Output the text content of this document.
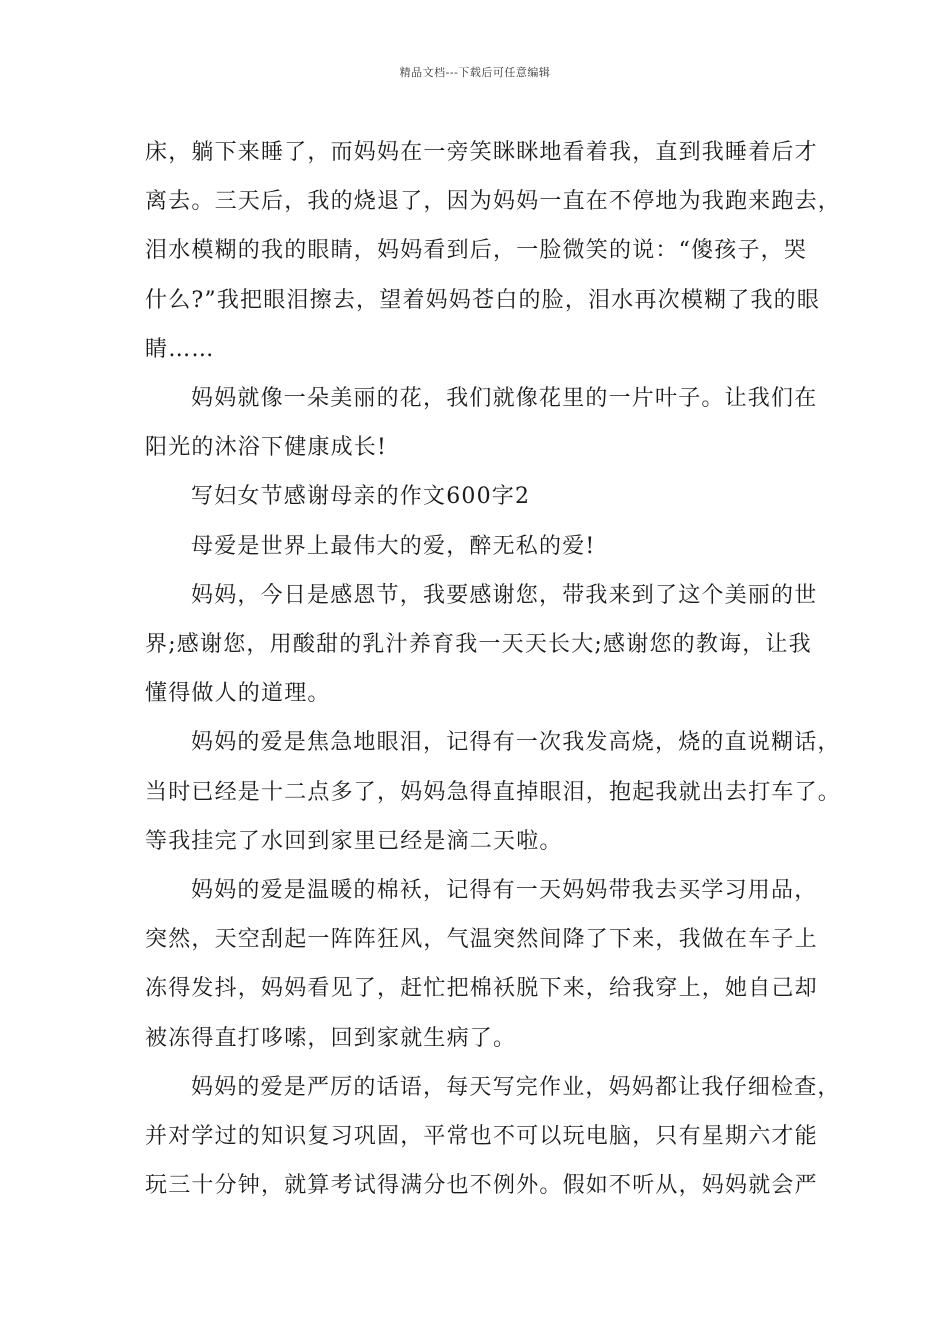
精品文档---下载后可任意编辑

床，躺下来睡了，而妈妈在一旁笑眯眯地看着我，直到我睡着后才
离去。三天后，我的烧退了，因为妈妈一直在不停地为我跑来跑去，
泪水模糊的我的眼睛，妈妈看到后，一脸微笑的说：“傻孩子，哭
什么?”我把眼泪擦去，望着妈妈苍白的脸，泪水再次模糊了我的眼
睛……

妈妈就像一朵美丽的花，我们就像花里的一片叶子。让我们在
阳光的沐浴下健康成长!

写妇女节感谢母亲的作文600字2

母爱是世界上最伟大的爱，醉无私的爱!

妈妈，今日是感恩节，我要感谢您，带我来到了这个美丽的世
界;感谢您，用酸甜的乳汁养育我一天天长大;感谢您的教诲，让我
懂得做人的道理。

妈妈的爱是焦急地眼泪，记得有一次我发高烧，烧的直说糊话，
当时已经是十二点多了，妈妈急得直掉眼泪，抱起我就出去打车了。
等我挂完了水回到家里已经是滴二天啦。

妈妈的爱是温暖的棉袄，记得有一天妈妈带我去买学习用品，
突然，天空刮起一阵阵狂风，气温突然间降了下来，我做在车子上
冻得发抖，妈妈看见了，赶忙把棉袄脱下来，给我穿上，她自己却
被冻得直打哆嗦，回到家就生病了。

妈妈的爱是严厉的话语，每天写完作业，妈妈都让我仔细检查，
并对学过的知识复习巩固，平常也不可以玩电脑，只有星期六才能
玩三十分钟，就算考试得满分也不例外。假如不听从，妈妈就会严
